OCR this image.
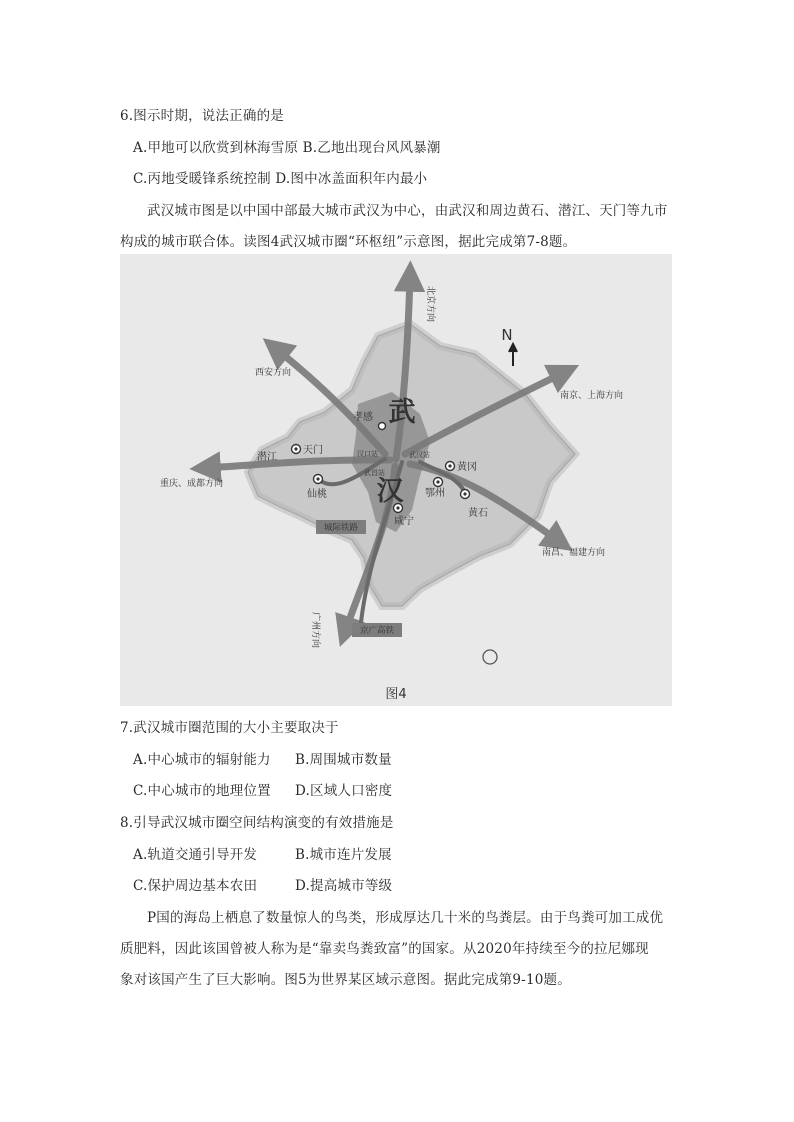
6.图示时期，说法正确的是
A.甲地可以欣赏到林海雪原 B.乙地出现台风风暴潮
C.丙地受暖锋系统控制 D.图中冰盖面积年内最小
武汉城市图是以中国中部最大城市武汉为中心，由武汉和周边黄石、潜江、天门等九市
构成的城市联合体。读图4武汉城市圈“环枢纽”示意图，据此完成第7-8题。
N
武
汉
孝感
天门
潜江
仙桃
黄冈
鄂州
黄石
咸宁
汉口站
武昌站
武汉站
北京方向
西安方向
南京、上海方向
重庆、成都方向
南昌、福建方向
广州方向
城际铁路
京广高铁
图4
7.武汉城市圈范围的大小主要取决于
A.中心城市的辐射能力 B.周围城市数量
C.中心城市的地理位置 D.区域人口密度
8.引导武汉城市圈空间结构演变的有效措施是
A.轨道交通引导开发	B.城市连片发展
C.保护周边基本农田	D.提高城市等级
P国的海岛上栖息了数量惊人的鸟类，形成厚达几十米的鸟粪层。由于鸟粪可加工成优
质肥料，因此该国曾被人称为是“靠卖鸟粪致富”的国家。从2020年持续至今的拉尼娜现
象对该国产生了巨大影响。图5为世界某区域示意图。据此完成第9-10题。
